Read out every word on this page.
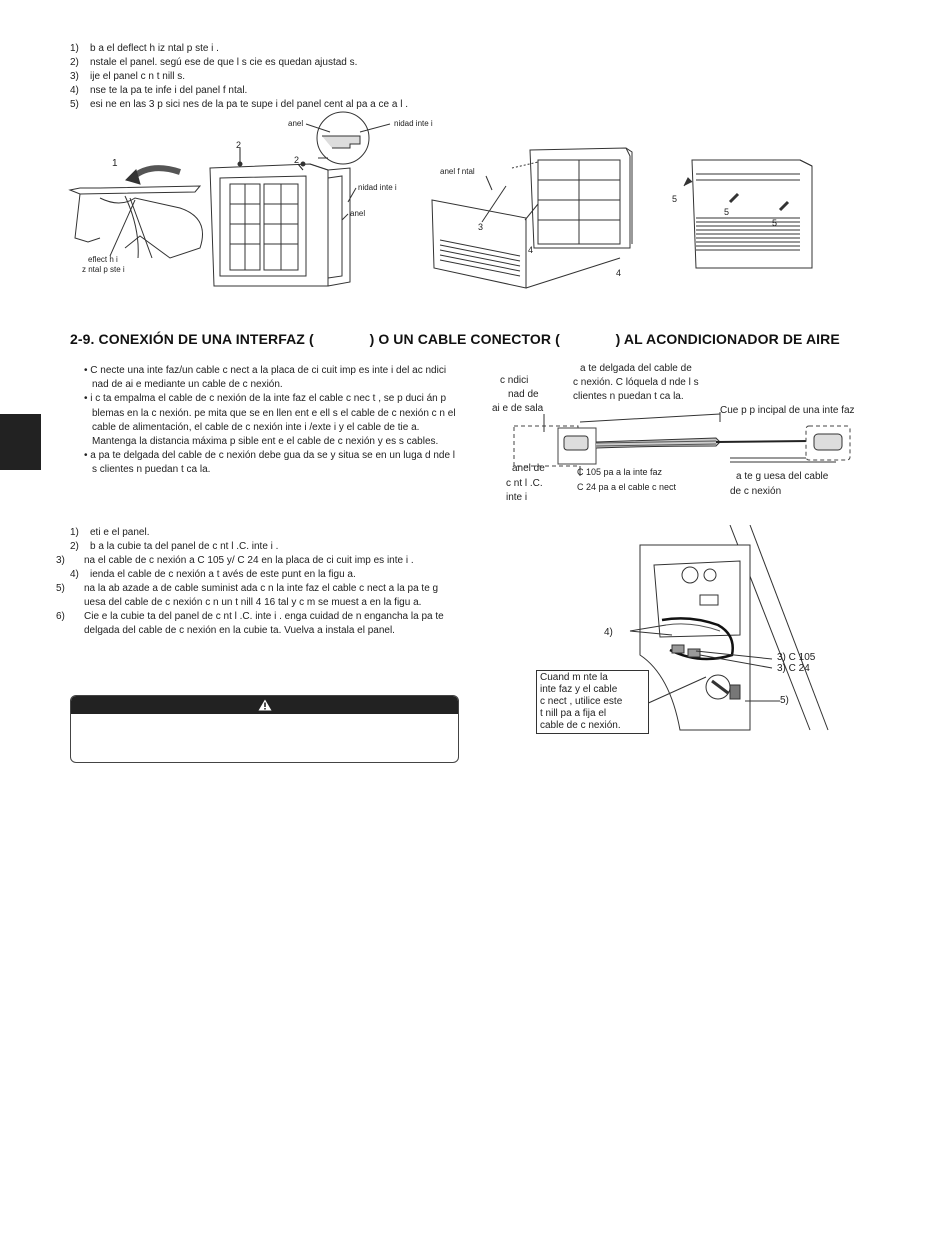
1) b a el deflect h iz ntal p ste i .
2) nstale el panel. segú ese de que l s cie es quedan ajustad s.
3) ije el panel c n t nill s.
4) nse te la pa te infe i del panel f ntal.
5) esi ne en las 3 p sici nes de la pa te supe i del panel cent al pa a ce a l .
1
eflect h i
z ntal p ste i
2
2
anel	nidad inte i
nidad inte i
anel
anel f ntal
3
4
4
5
5
5
2-9. CONEXIÓN DE UNA INTERFAZ (              ) O UN CABLE CONECTOR (              ) AL ACONDICIONADOR DE AIRE
• C necte una inte faz/un cable c nect a la placa de ci cuit imp es inte i del ac ndici nad de ai e mediante un cable de c nexión.
• i c ta empalma el cable de c nexión de la inte faz el cable c nec t , se p duci án p blemas en la c nexión. pe mita que se en llen ent e ell s el cable de c nexión c n el cable de alimentación, el cable de c nexión inte i /exte i y el cable de tie a. Mantenga la distancia máxima p sible ent e el cable de c nexión y es s cables.
• a pa te delgada del cable de c nexión debe gua da se y situa se en un luga d nde l s clientes n puedan t ca la.
a te delgada del cable de
c nexión. C lóquela d nde l s
clientes n puedan t ca la.
c ndici
nad de
ai e de sala	Cue p p incipal de una inte faz
anel de
c nt l .C.
inte i
C 105 pa a la inte faz
C 24 pa a el cable c nect
a te g uesa del cable
de c nexión
1) eti e el panel.
2) b a la cubie ta del panel de c nt l .C. inte i .
3) na el cable de c nexión a C 105 y/ C 24 en la placa de ci cuit imp es inte i .
4) ienda el cable de c nexión a t avés de este punt en la figu a.
5) na la ab azade a de cable suminist ada c n la inte faz el cable c nect a la pa te g uesa del cable de c nexión c n un t nill 4 16 tal y c m se muest a en la figu a.
6) Cie e la cubie ta del panel de c nt l .C. inte i . enga cuidad de n engancha la pa te delgada del cable de c nexión en la cubie ta. Vuelva a instala el panel.	4)
3) C 105
3) C 24
5)
Cuand m nte la
inte faz y el cable
c nect , utilice este
t nill pa a fija el
cable de c nexión.
